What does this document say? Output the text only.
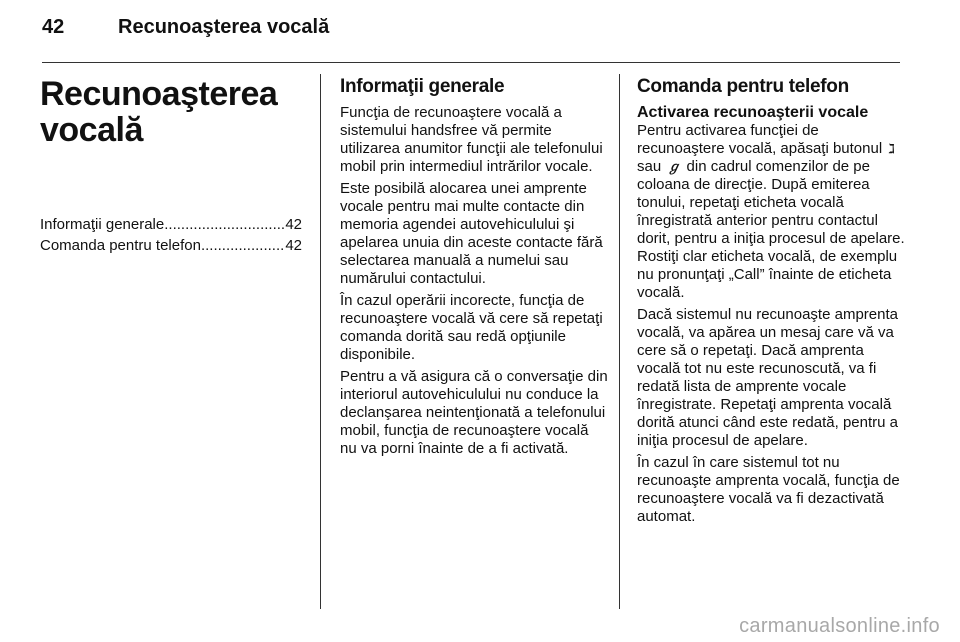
42	Recunoaşterea vocală
Recunoaşterea
vocală
Informaţii generale .....	42
Comanda pentru telefon .....	42
Informaţii generale

Funcţia de recunoaştere vocală a sistemului handsfree vă permite utilizarea anumitor funcţii ale telefonului mobil prin intermediul intrărilor vocale.

Este posibilă alocarea unei amprente vocale pentru mai multe contacte din memoria agendei autovehiculului şi apelarea unuia din aceste contacte fără selectarea manuală a numelui sau numărului contactului.

În cazul operării incorecte, funcţia de recunoaştere vocală vă cere să repetaţi comanda dorită sau redă opţiunile disponibile.

Pentru a vă asigura că o conversaţie din interiorul autovehiculului nu conduce la declanşarea neintenţionată a telefonului mobil, funcţia de recunoaştere vocală nu va porni înainte de a fi activată.

Comanda pentru telefon
Activarea recunoaşterii vocale

Pentru activarea funcţiei de recunoaştere vocală, apăsaţi butonul ℷ sau ℊ din cadrul comenzilor de pe coloana de direcţie. După emiterea tonului, repetaţi eticheta vocală înregistrată anterior pentru contactul dorit, pentru a iniţia procesul de apelare. Rostiţi clar eticheta vocală, de exemplu nu pronunţaţi „Call” înainte de eticheta vocală.

Dacă sistemul nu recunoaşte amprenta vocală, va apărea un mesaj care vă va cere să o repetaţi. Dacă amprenta vocală tot nu este recunoscută, va fi redată lista de amprente vocale înregistrate. Repetaţi amprenta vocală dorită atunci când este redată, pentru a iniţia procesul de apelare.

În cazul în care sistemul tot nu recunoaşte amprenta vocală, funcţia de recunoaştere vocală va fi dezactivată automat.

carmanualsonline.info
